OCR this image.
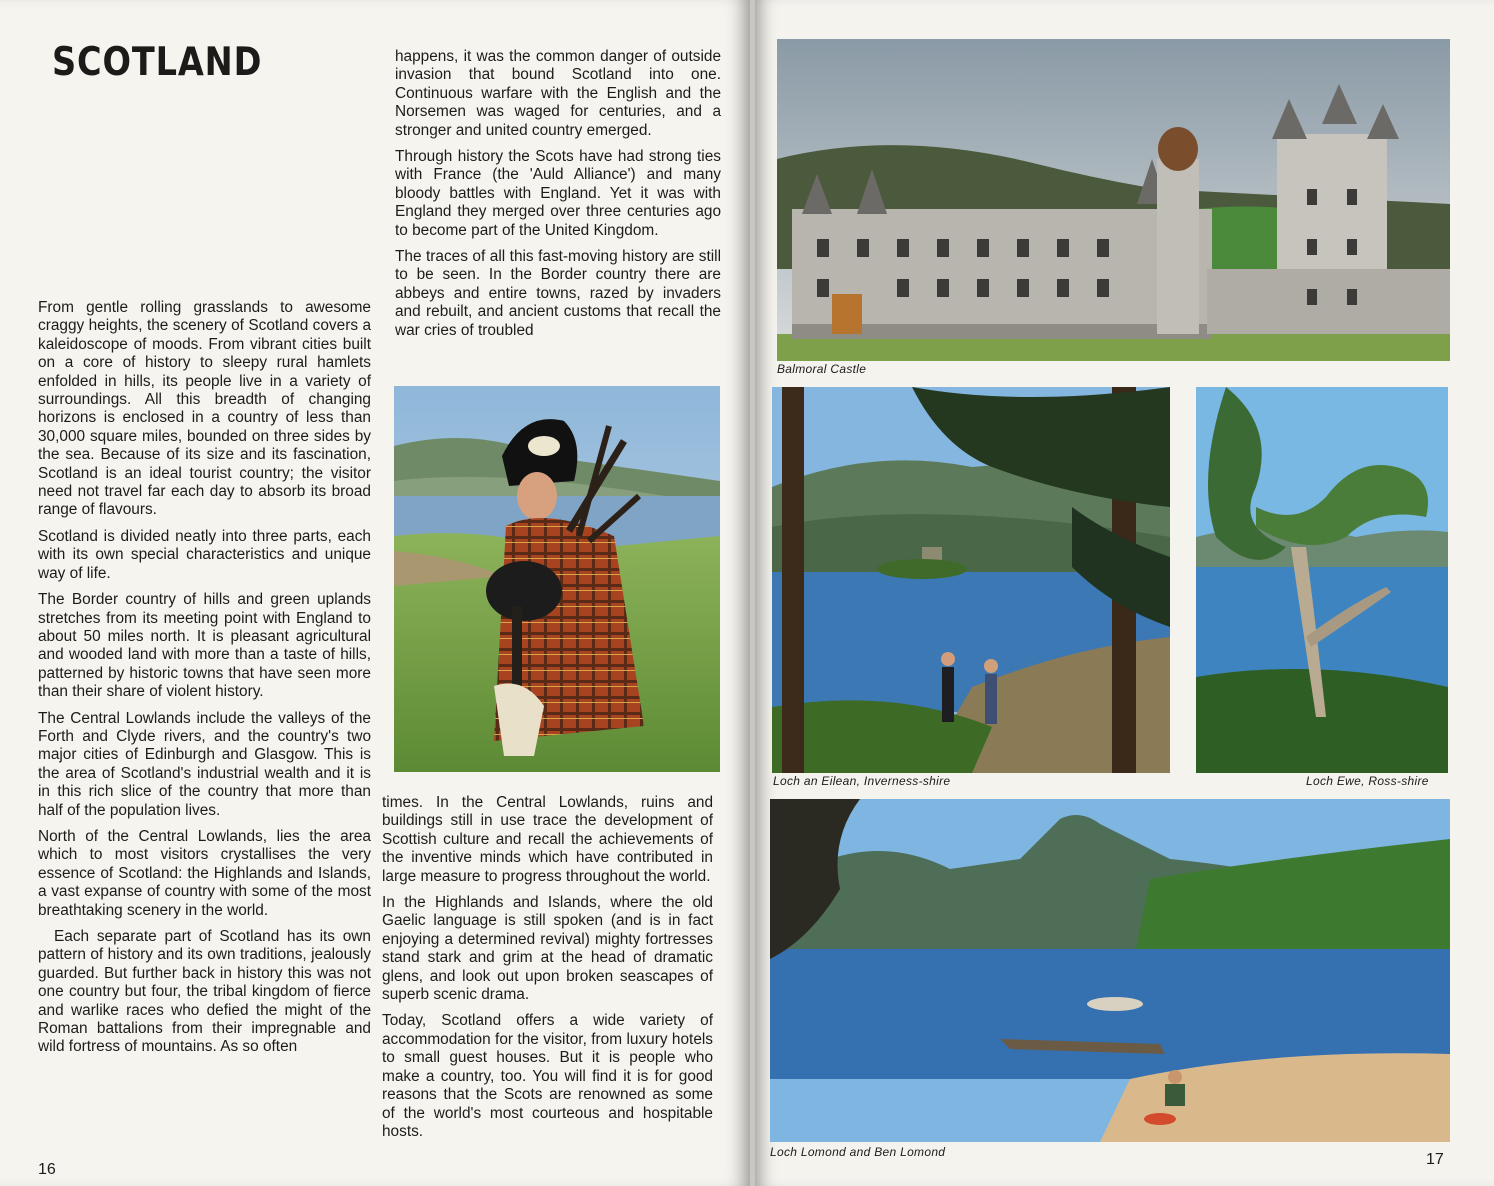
SCOTLAND

From gentle rolling grasslands to awesome craggy heights, the scenery of Scotland covers a kaleidoscope of moods. From vibrant cities built on a core of history to sleepy rural hamlets enfolded in hills, its people live in a variety of surroundings. All this breadth of changing horizons is enclosed in a country of less than 30,000 square miles, bounded on three sides by the sea. Because of its size and its fascination, Scotland is an ideal tourist country; the visitor need not travel far each day to absorb its broad range of flavours.

Scotland is divided neatly into three parts, each with its own special characteristics and unique way of life.

The Border country of hills and green uplands stretches from its meeting point with England to about 50 miles north. It is pleasant agricultural and wooded land with more than a taste of hills, patterned by historic towns that have seen more than their share of violent history.

The Central Lowlands include the valleys of the Forth and Clyde rivers, and the country's two major cities of Edinburgh and Glasgow. This is the area of Scotland's industrial wealth and it is in this rich slice of the country that more than half of the population lives.

North of the Central Lowlands, lies the area which to most visitors crystallises the very essence of Scotland: the Highlands and Islands, a vast expanse of country with some of the most breathtaking scenery in the world.

Each separate part of Scotland has its own pattern of history and its own traditions, jealously guarded. But further back in history this was not one country but four, the tribal kingdom of fierce and warlike races who defied the might of the Roman battalions from their impregnable and wild fortress of mountains. As so often

happens, it was the common danger of outside invasion that bound Scotland into one. Continuous warfare with the English and the Norsemen was waged for centuries, and a stronger and united country emerged.

Through history the Scots have had strong ties with France (the 'Auld Alliance') and many bloody battles with England. Yet it was with England they merged over three centuries ago to become part of the United Kingdom.

The traces of all this fast-moving history are still to be seen. In the Border country there are abbeys and entire towns, razed by invaders and rebuilt, and ancient customs that recall the war cries of troubled

times. In the Central Lowlands, ruins and buildings still in use trace the development of Scottish culture and recall the achievements of the inventive minds which have contributed in large measure to progress throughout the world.

In the Highlands and Islands, where the old Gaelic language is still spoken (and is in fact enjoying a determined revival) mighty fortresses stand stark and grim at the head of dramatic glens, and look out upon broken seascapes of superb scenic drama.

Today, Scotland offers a wide variety of accommodation for the visitor, from luxury hotels to small guest houses. But it is people who make a country, too. You will find it is for good reasons that the Scots are renowned as some of the world's most courteous and hospitable hosts.

16
Balmoral Castle
Loch an Eilean, Inverness-shire	Loch Ewe, Ross-shire
Loch Lomond and Ben Lomond	17
